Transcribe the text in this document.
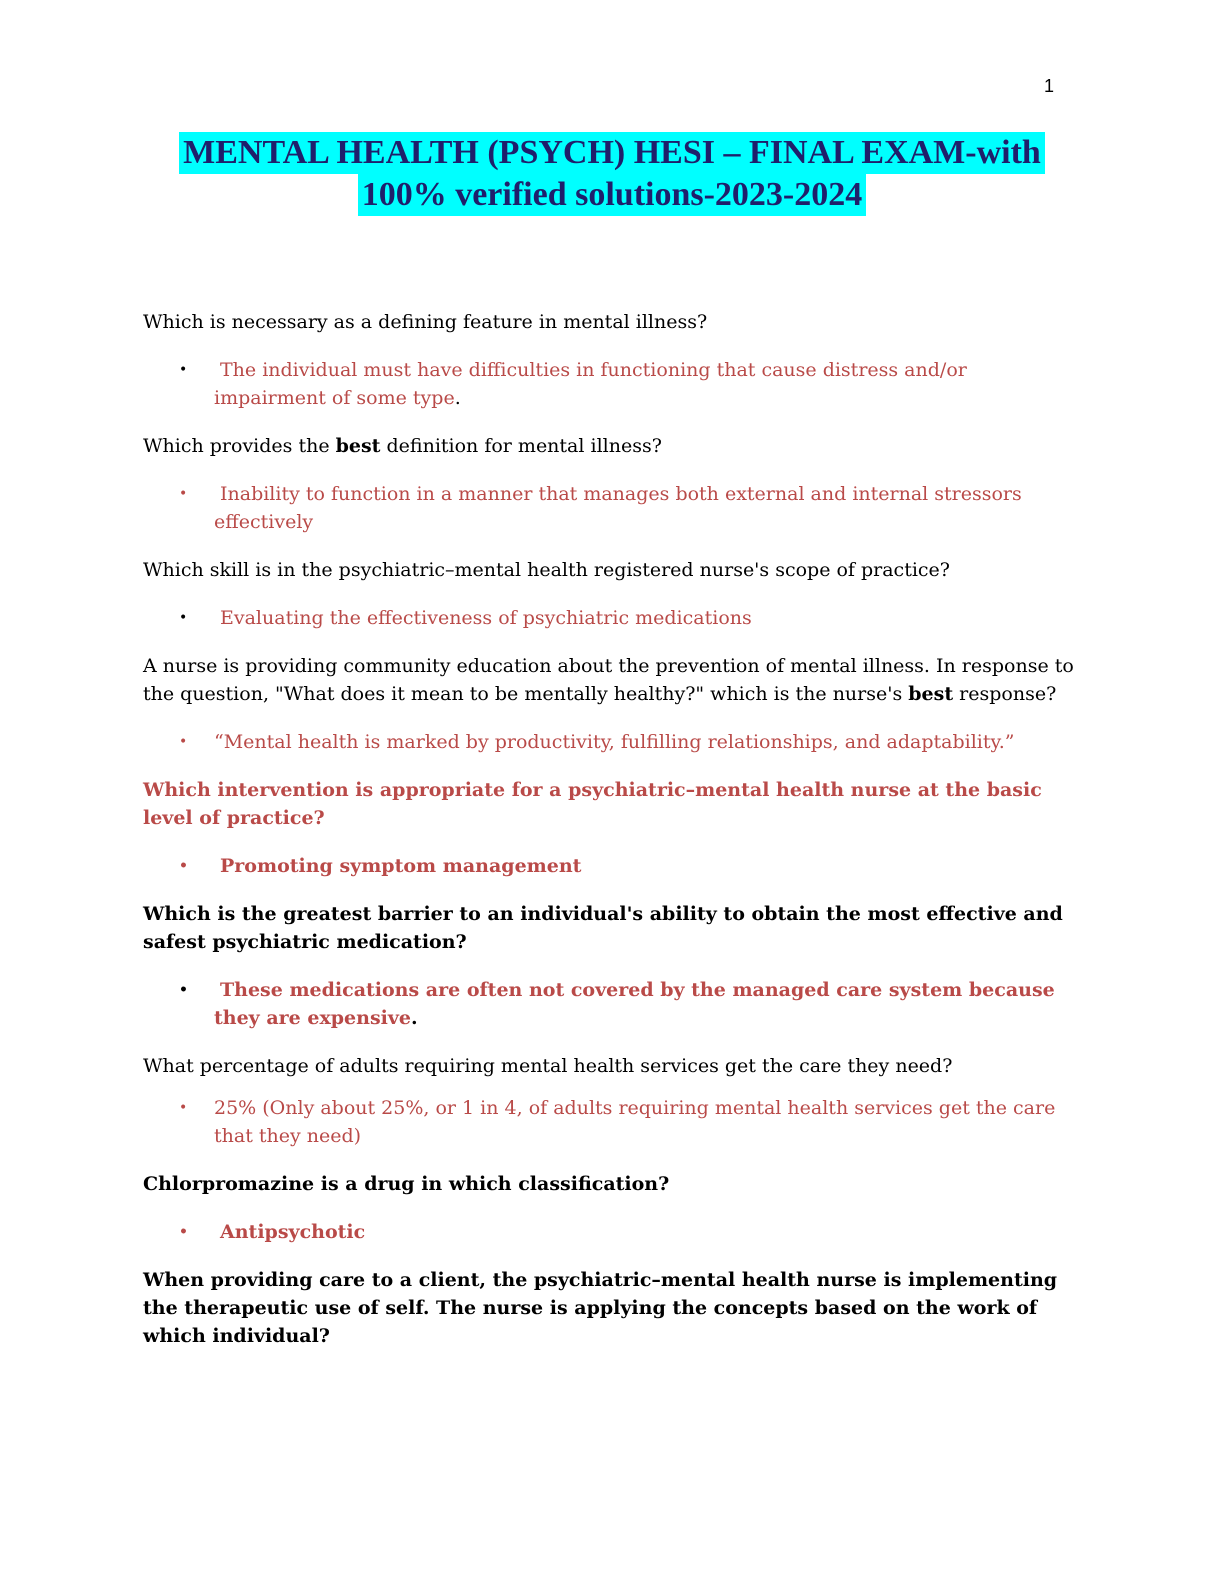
1
MENTAL HEALTH (PSYCH) HESI – FINAL EXAM-with
100% verified solutions-2023-2024

Which is necessary as a defining feature in mental illness?

•	The individual must have difficulties in functioning that cause distress and/or impairment of some type.

Which provides the best definition for mental illness?

•	Inability to function in a manner that manages both external and internal stressors effectively

Which skill is in the psychiatric–mental health registered nurse's scope of practice?

•	Evaluating the effectiveness of psychiatric medications

A nurse is providing community education about the prevention of mental illness. In response to the question, "What does it mean to be mentally healthy?" which is the nurse's best response?

• “Mental health is marked by productivity, fulfilling relationships, and adaptability.”

Which intervention is appropriate for a psychiatric–mental health nurse at the basic level of practice?

•	Promoting symptom management

Which is the greatest barrier to an individual's ability to obtain the most effective and safest psychiatric medication?

•	These medications are often not covered by the managed care system because they are expensive.

What percentage of adults requiring mental health services get the care they need?

• 25% (Only about 25%, or 1 in 4, of adults requiring mental health services get the care that they need)

Chlorpromazine is a drug in which classification?

•	Antipsychotic

When providing care to a client, the psychiatric–mental health nurse is implementing the therapeutic use of self. The nurse is applying the concepts based on the work of which individual?
